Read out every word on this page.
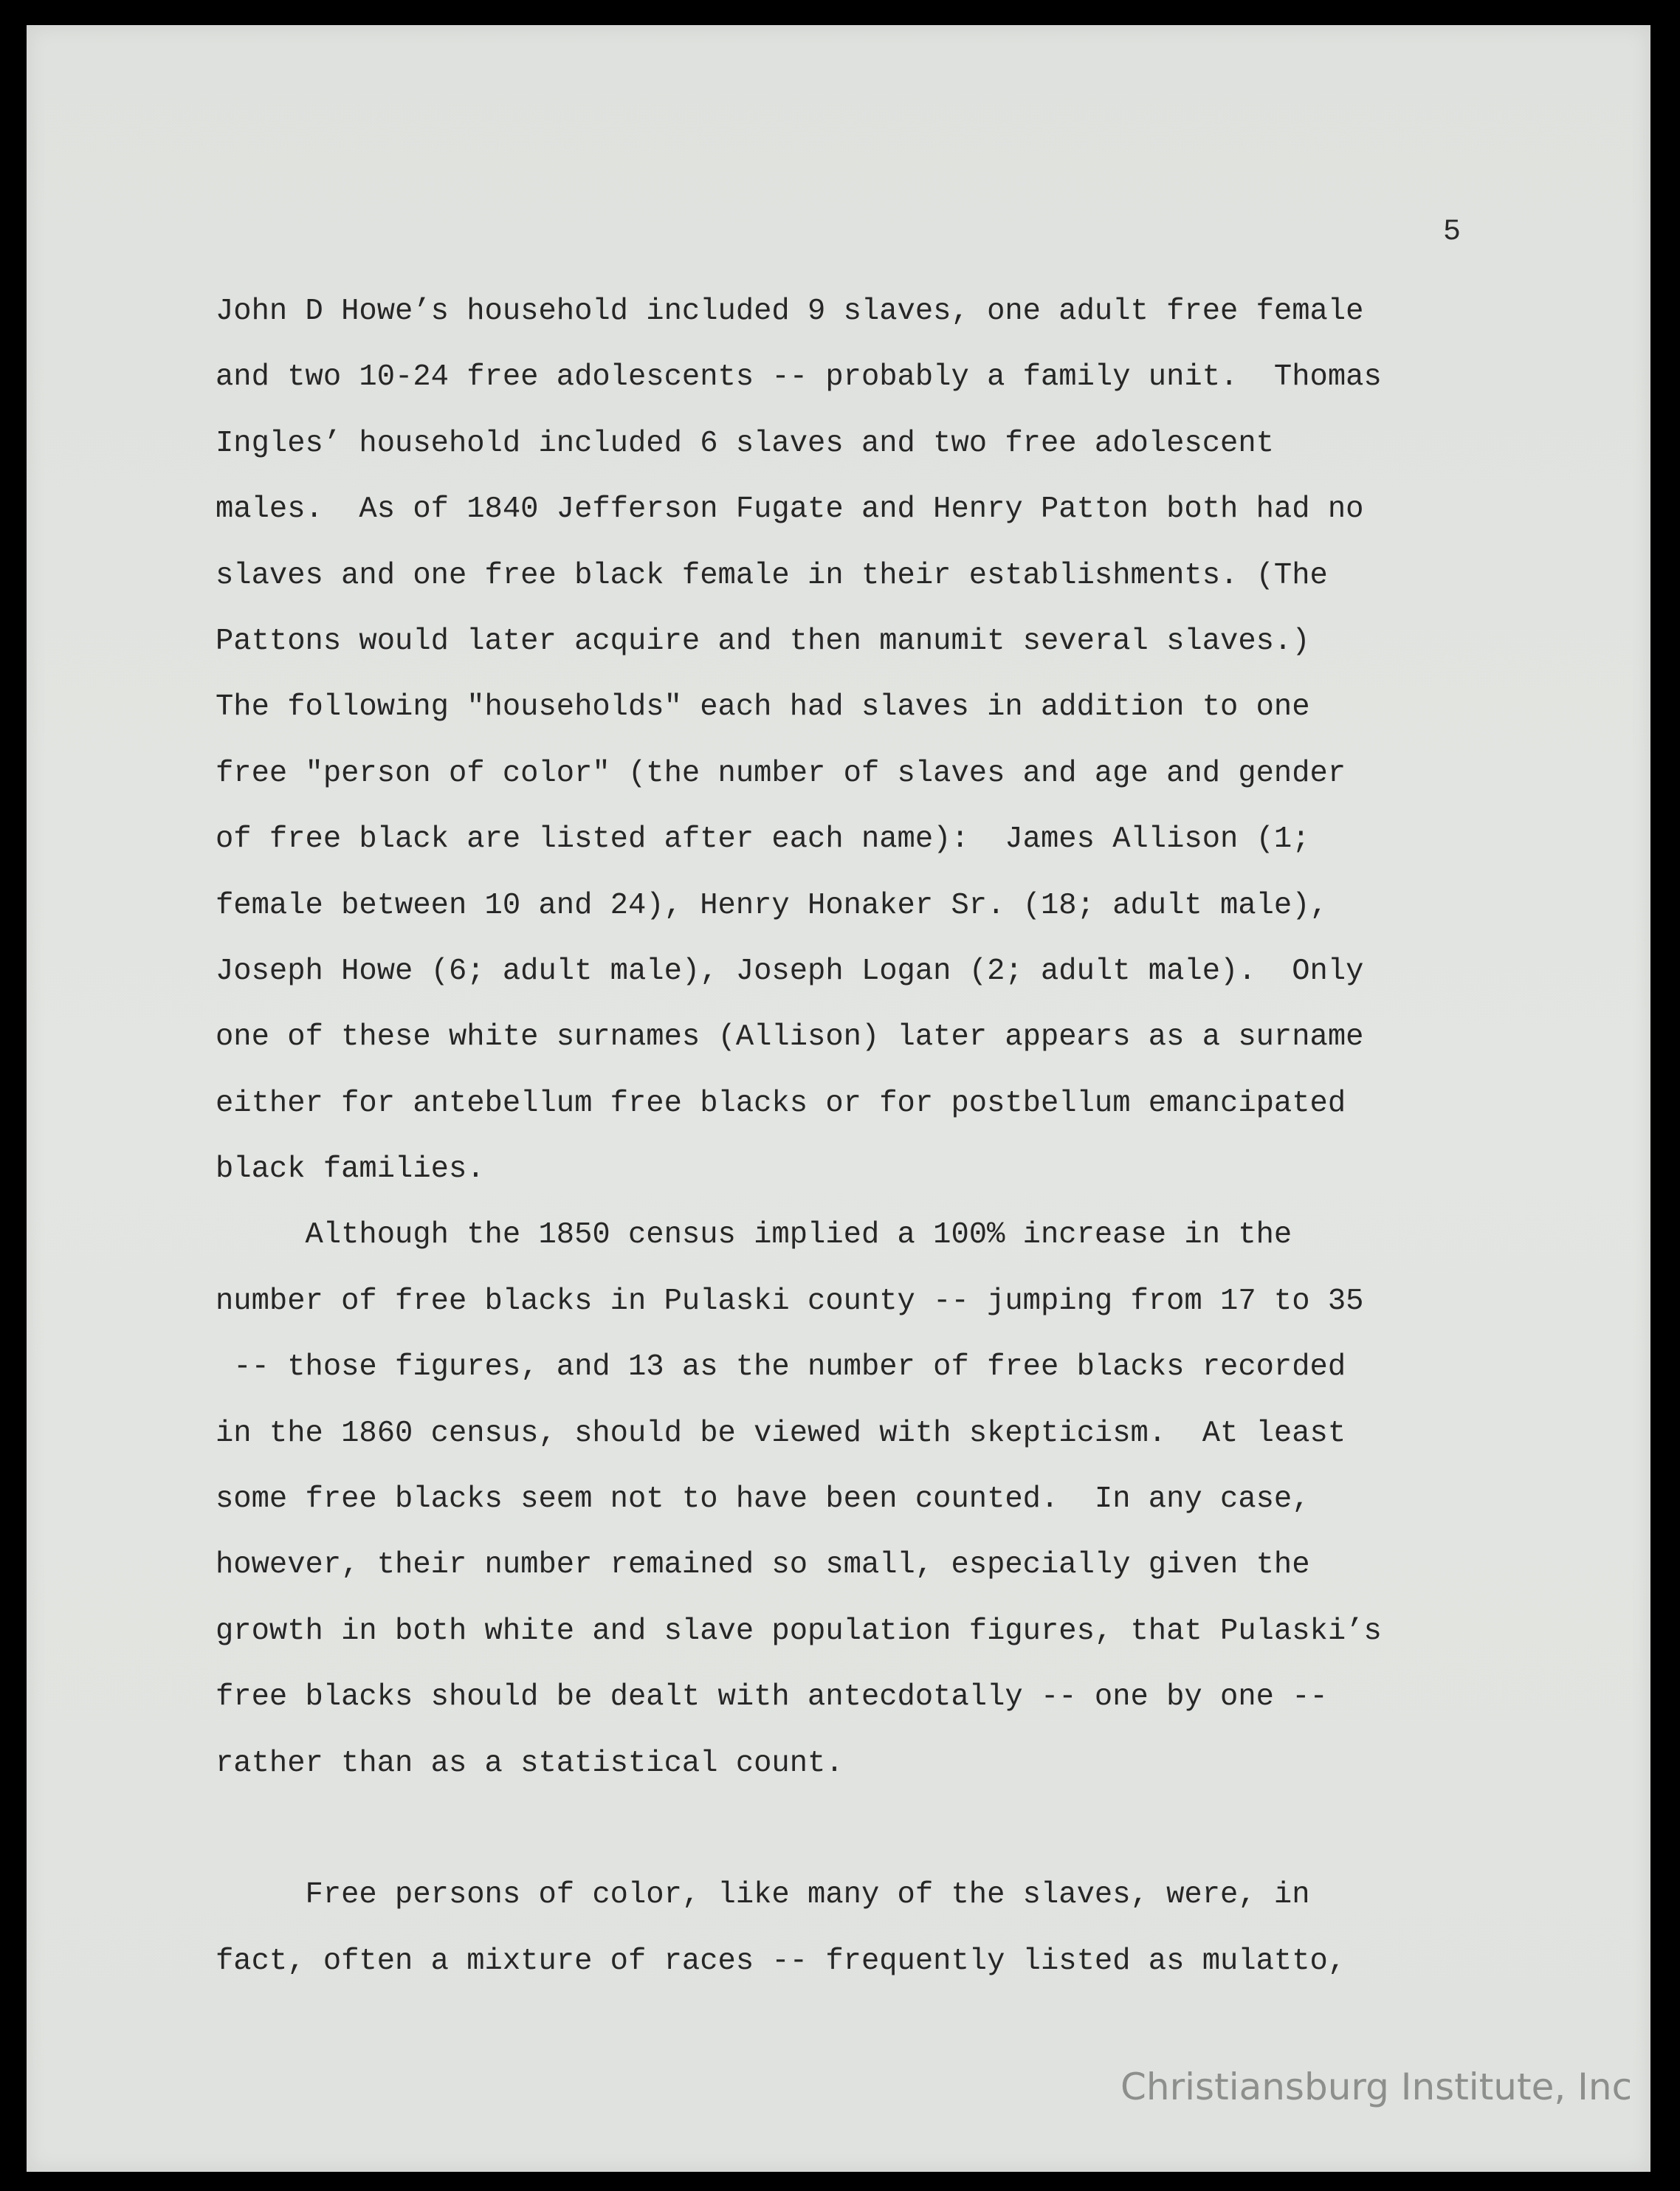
5
John D Howe’s household included 9 slaves, one adult free female
and two 10-24 free adolescents -- probably a family unit.  Thomas
Ingles’ household included 6 slaves and two free adolescent
males.  As of 1840 Jefferson Fugate and Henry Patton both had no
slaves and one free black female in their establishments. (The
Pattons would later acquire and then manumit several slaves.)
The following "households" each had slaves in addition to one
free "person of color" (the number of slaves and age and gender
of free black are listed after each name):  James Allison (1;
female between 10 and 24), Henry Honaker Sr. (18; adult male),
Joseph Howe (6; adult male), Joseph Logan (2; adult male).  Only
one of these white surnames (Allison) later appears as a surname
either for antebellum free blacks or for postbellum emancipated
black families.
Although the 1850 census implied a 100% increase in the
number of free blacks in Pulaski county -- jumping from 17 to 35
-- those figures, and 13 as the number of free blacks recorded
in the 1860 census, should be viewed with skepticism.  At least
some free blacks seem not to have been counted.  In any case,
however, their number remained so small, especially given the
growth in both white and slave population figures, that Pulaski’s
free blacks should be dealt with antecdotally -- one by one --
rather than as a statistical count.
Free persons of color, like many of the slaves, were, in
fact, often a mixture of races -- frequently listed as mulatto,
Christiansburg Institute, Inc
